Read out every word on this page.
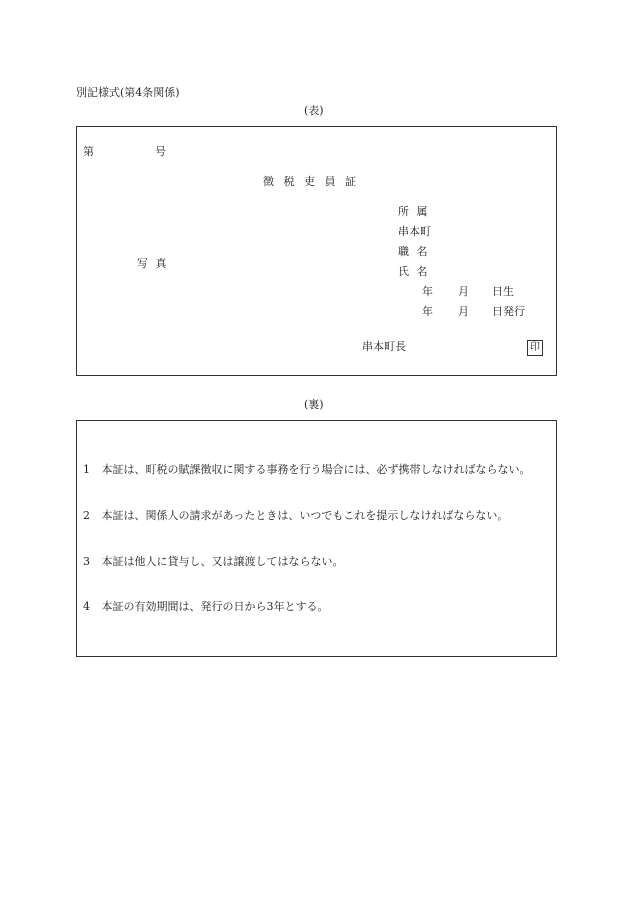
別記様式(第4条関係)
(表)
第	号
徴 税 吏 員 証
写 真
所 属
串本町
職 名
氏 名
年 月 日生
年 月 日発行
串本町長	印
(裏)
1 本証は、町税の賦課徴収に関する事務を行う場合には、必ず携帯しなければならない。
2 本証は、関係人の請求があったときは、いつでもこれを提示しなければならない。
3 本証は他人に貸与し、又は譲渡してはならない。
4 本証の有効期間は、発行の日から3年とする。
